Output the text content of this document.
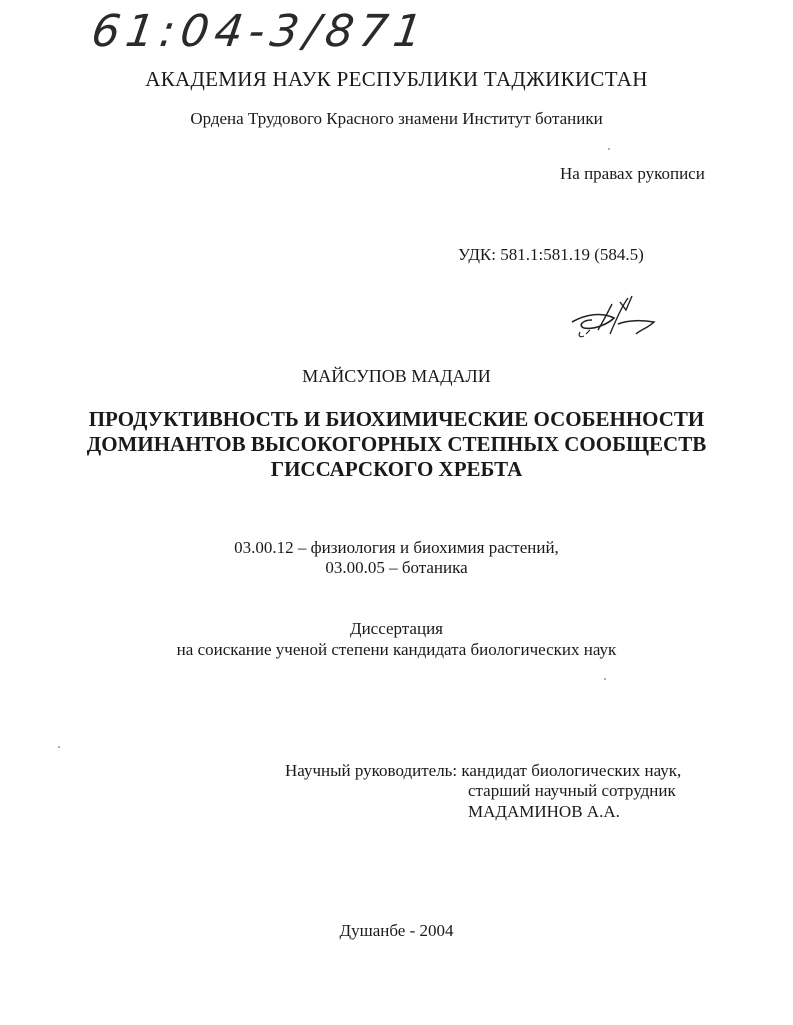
61:04-3/871
АКАДЕМИЯ НАУК РЕСПУБЛИКИ ТАДЖИКИСТАН
Ордена Трудового Красного знамени Институт ботаники
На правах рукописи
УДК: 581.1:581.19 (584.5)
МАЙСУПОВ МАДАЛИ
ПРОДУКТИВНОСТЬ И БИОХИМИЧЕСКИЕ ОСОБЕННОСТИ
ДОМИНАНТОВ ВЫСОКОГОРНЫХ СТЕПНЫХ СООБЩЕСТВ
ГИССАРСКОГО ХРЕБТА
03.00.12 – физиология и биохимия растений,
03.00.05 – ботаника
Диссертация
на соискание ученой степени кандидата биологических наук
Научный руководитель: кандидат биологических наук,
старший научный сотрудник
МАДАМИНОВ А.А.
Душанбе - 2004
